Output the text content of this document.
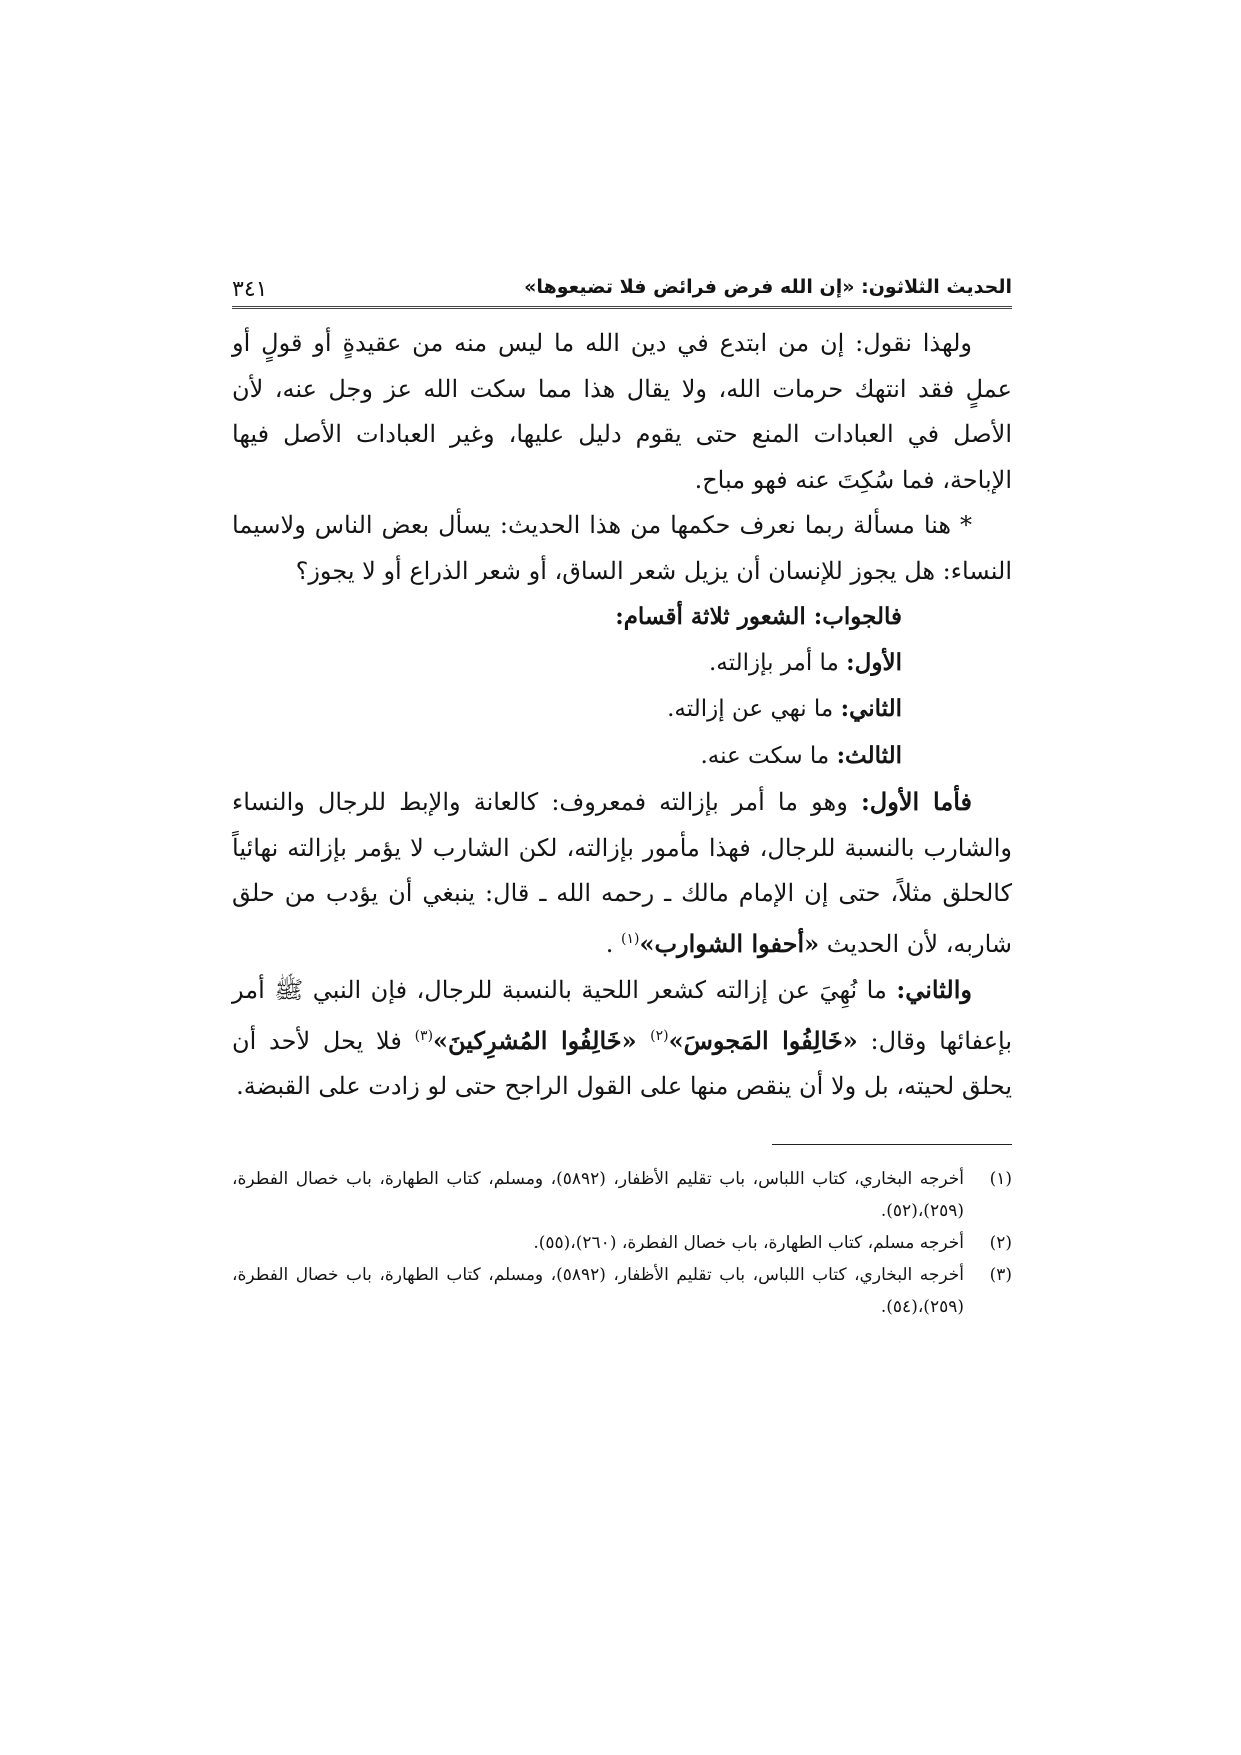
الحديث الثلاثون: «إن الله فرض فرائض فلا تضيعوها»
٣٤١

ولهذا نقول: إن من ابتدع في دين الله ما ليس منه من عقيدةٍ أو قولٍ أو عملٍ فقد انتهك حرمات الله، ولا يقال هذا مما سكت الله عز وجل عنه، لأن الأصل في العبادات المنع حتى يقوم دليل عليها، وغير العبادات الأصل فيها الإباحة، فما سُكِتَ عنه فهو مباح.

* هنا مسألة ربما نعرف حكمها من هذا الحديث: يسأل بعض الناس ولاسيما النساء: هل يجوز للإنسان أن يزيل شعر الساق، أو شعر الذراع أو لا يجوز؟

فالجواب: الشعور ثلاثة أقسام:
الأول: ما أمر بإزالته.
الثاني: ما نهي عن إزالته.
الثالث: ما سكت عنه.

فأما الأول: وهو ما أمر بإزالته فمعروف: كالعانة والإبط للرجال والنساء والشارب بالنسبة للرجال، فهذا مأمور بإزالته، لكن الشارب لا يؤمر بإزالته نهائياً كالحلق مثلاً، حتى إن الإمام مالك ـ رحمه الله ـ قال: ينبغي أن يؤدب من حلق شاربه، لأن الحديث «أحفوا الشوارب»$^{(١)}$ .

والثاني: ما نُهِيَ عن إزالته كشعر اللحية بالنسبة للرجال، فإن النبي ﷺ أمر بإعفائها وقال: «خَالِفُوا المَجوسَ»$^{(٢)}$ «خَالِفُوا المُشرِكينَ»$^{(٣)}$ فلا يحل لأحد أن يحلق لحيته، بل ولا أن ينقص منها على القول الراجح حتى لو زادت على القبضة.

(١)
أخرجه البخاري، كتاب اللباس، باب تقليم الأظفار، (٥٨٩٢)، ومسلم، كتاب الطهارة، باب خصال الفطرة، (٢٥٩)،(٥٢).
(٢)
أخرجه مسلم، كتاب الطهارة، باب خصال الفطرة، (٢٦٠)،(٥٥).
(٣)
أخرجه البخاري، كتاب اللباس، باب تقليم الأظفار، (٥٨٩٢)، ومسلم، كتاب الطهارة، باب خصال الفطرة، (٢٥٩)،(٥٤).
